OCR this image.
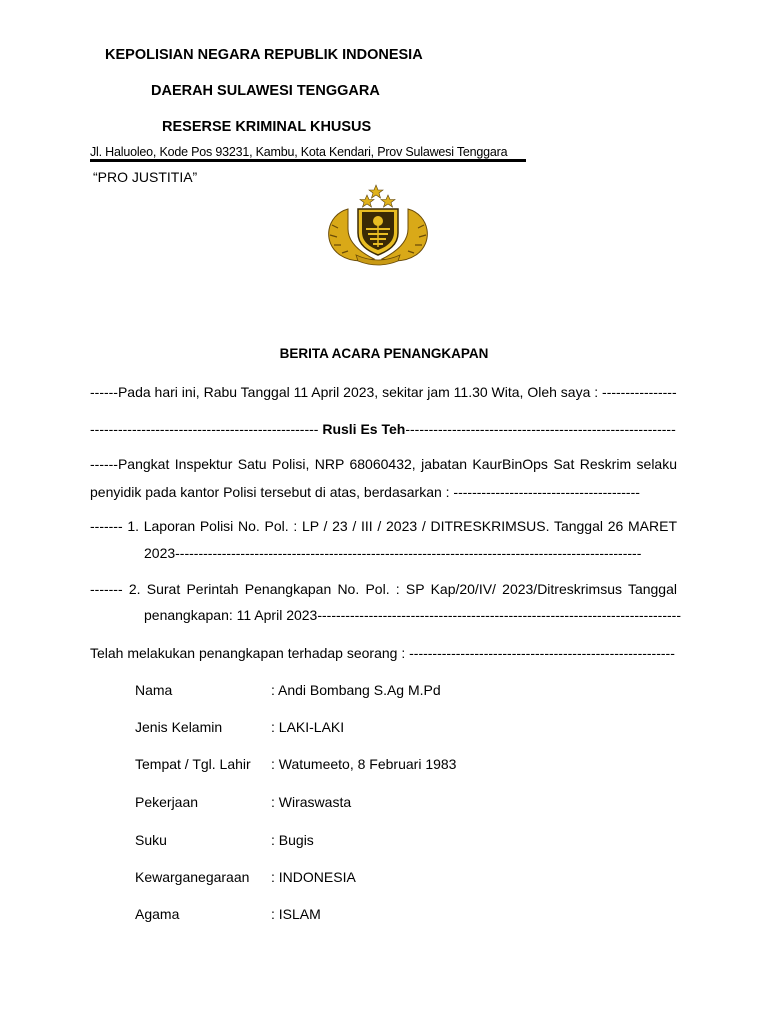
KEPOLISIAN NEGARA REPUBLIK INDONESIA
DAERAH SULAWESI TENGGARA
RESERSE KRIMINAL KHUSUS
Jl. Haluoleo, Kode Pos 93231, Kambu, Kota Kendari, Prov Sulawesi Tenggara
“PRO JUSTITIA”
BERITA ACARA PENANGKAPAN
------Pada hari ini, Rabu Tanggal 11 April 2023, sekitar jam 11.30 Wita, Oleh saya : ----------------
------------------------------------------------- Rusli Es Teh----------------------------------------------------------
------Pangkat Inspektur Satu Polisi, NRP 68060432, jabatan KaurBinOps Sat Reskrim selaku
penyidik pada kantor Polisi tersebut di atas, berdasarkan : ----------------------------------------
------- 1. Laporan Polisi No. Pol. : LP / 23 / III / 2023 / DITRESKRIMSUS. Tanggal 26 MARET
2023----------------------------------------------------------------------------------------------------
------- 2. Surat Perintah Penangkapan No. Pol. : SP Kap/20/IV/ 2023/Ditreskrimsus Tanggal
penangkapan: 11 April 2023------------------------------------------------------------------------------
Telah melakukan penangkapan terhadap seorang : ---------------------------------------------------------
Nama	: Andi Bombang S.Ag M.Pd
Jenis Kelamin	: LAKI-LAKI
Tempat / Tgl. Lahir : Watumeeto, 8 Februari 1983
Pekerjaan	: Wiraswasta
Suku	: Bugis
Kewarganegaraan : INDONESIA
Agama	: ISLAM
